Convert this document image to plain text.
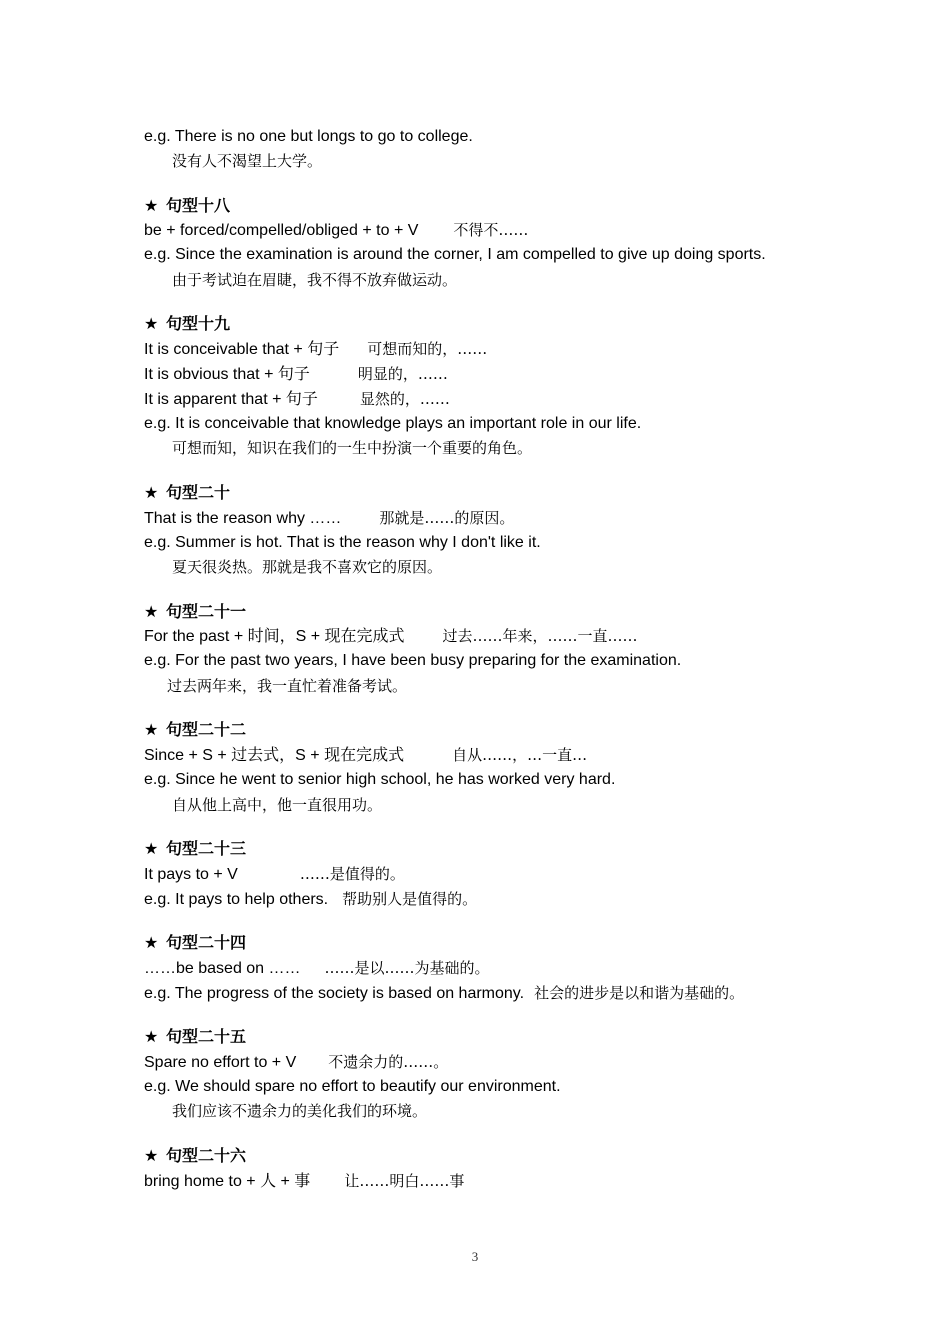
e.g. There is no one but longs to go to college.
没有人不渴望上大学。
★ 句型十八
be + forced/compelled/obliged + to + V 不得不……
e.g. Since the examination is around the corner, I am compelled to give up doing sports.
由于考试迫在眉睫，我不得不放弃做运动。
★ 句型十九
It is conceivable that + 句子 可想而知的，……
It is obvious that + 句子	明显的，……
It is apparent that + 句子	显然的，……
e.g. It is conceivable that knowledge plays an important role in our life.
可想而知，知识在我们的一生中扮演一个重要的角色。
★ 句型二十
That is the reason why ……	那就是……的原因。
e.g. Summer is hot. That is the reason why I don't like it.
夏天很炎热。那就是我不喜欢它的原因。
★ 句型二十一
For the past + 时间，S + 现在完成式	过去……年来，……一直……
e.g. For the past two years, I have been busy preparing for the examination.
过去两年来，我一直忙着准备考试。
★ 句型二十二
Since + S + 过去式，S + 现在完成式	自从……，…一直…
e.g. Since he went to senior high school, he has worked very hard.
自从他上高中，他一直很用功。
★ 句型二十三
It pays to + V	……是值得的。
e.g. It pays to help others. 帮助别人是值得的。
★ 句型二十四
……be based on …… ……是以……为基础的。
e.g. The progress of the society is based on harmony. 社会的进步是以和谐为基础的。
★ 句型二十五
Spare no effort to + V 不遗余力的……。
e.g. We should spare no effort to beautify our environment.
我们应该不遗余力的美化我们的环境。
★ 句型二十六
bring home to + 人 + 事 让……明白……事
3
